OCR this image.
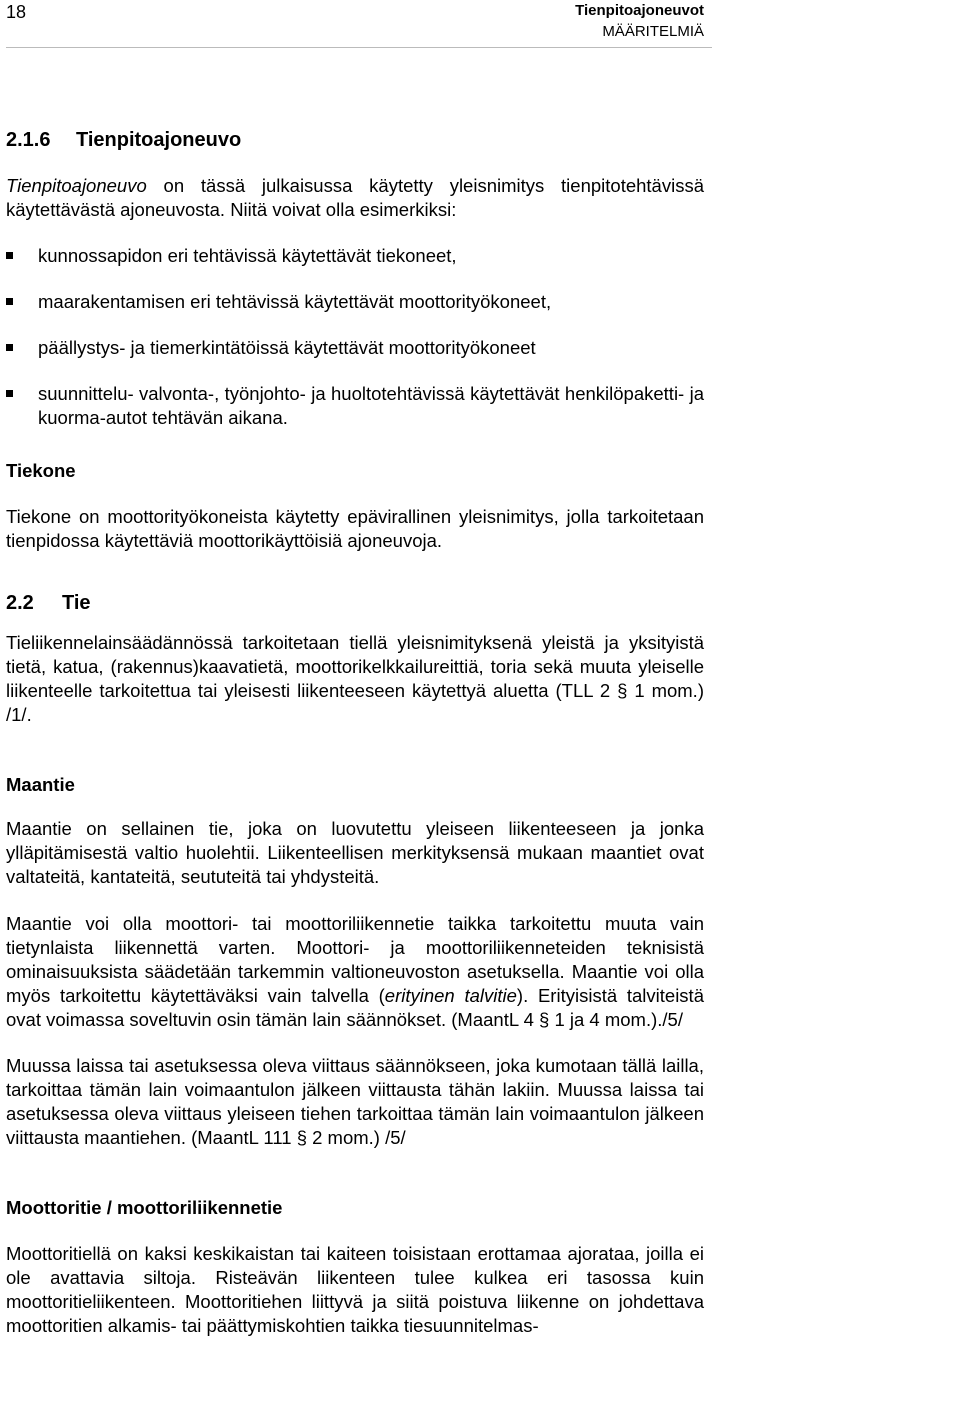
18	Tienpitoajoneuvot
MÄÄRITELMIÄ
2.1.6 Tienpitoajoneuvo

Tienpitoajoneuvo on tässä julkaisussa käytetty yleisnimitys tienpitotehtävissä käytettävästä ajoneuvosta. Niitä voivat olla esimerkiksi:

kunnossapidon eri tehtävissä käytettävät tiekoneet,
maarakentamisen eri tehtävissä käytettävät moottorityökoneet,
päällystys- ja tiemerkintätöissä käytettävät moottorityökoneet
suunnittelu- valvonta-, työnjohto- ja huoltotehtävissä käytettävät henkilöpaketti- ja kuorma-autot tehtävän aikana.
Tiekone

Tiekone on moottorityökoneista käytetty epävirallinen yleisnimitys, jolla tarkoitetaan tienpidossa käytettäviä moottorikäyttöisiä ajoneuvoja.

2.2 Tie

Tieliikennelainsäädännössä tarkoitetaan tiellä yleisnimityksenä yleistä ja yksityistä tietä, katua, (rakennus)kaavatietä, moottorikelkkailureittiä, toria sekä muuta yleiselle liikenteelle tarkoitettua tai yleisesti liikenteeseen käytettyä aluetta (TLL 2 § 1 mom.) /1/.

Maantie

Maantie on sellainen tie, joka on luovutettu yleiseen liikenteeseen ja jonka ylläpitämisestä valtio huolehtii. Liikenteellisen merkityksensä mukaan maantiet ovat valtateitä, kantateitä, seututeitä tai yhdysteitä.

Maantie voi olla moottori- tai moottoriliikennetie taikka tarkoitettu muuta vain tietynlaista liikennettä varten. Moottori- ja moottoriliikenneteiden teknisistä ominaisuuksista säädetään tarkemmin valtioneuvoston asetuksella. Maantie voi olla myös tarkoitettu käytettäväksi vain talvella (erityinen talvitie). Erityisistä talviteistä ovat voimassa soveltuvin osin tämän lain säännökset. (MaantL 4 § 1 ja 4 mom.)./5/

Muussa laissa tai asetuksessa oleva viittaus säännökseen, joka kumotaan tällä lailla, tarkoittaa tämän lain voimaantulon jälkeen viittausta tähän lakiin. Muussa laissa tai asetuksessa oleva viittaus yleiseen tiehen tarkoittaa tämän lain voimaantulon jälkeen viittausta maantiehen. (MaantL 111 § 2 mom.) /5/

Moottoritie / moottoriliikennetie

Moottoritiellä on kaksi keskikaistan tai kaiteen toisistaan erottamaa ajorataa, joilla ei ole avattavia siltoja. Risteävän liikenteen tulee kulkea eri tasossa kuin moottoritieliikenteen. Moottoritiehen liittyvä ja siitä poistuva liikenne on johdettava moottoritien alkamis- tai päättymiskohtien taikka tiesuunnitelmas-
